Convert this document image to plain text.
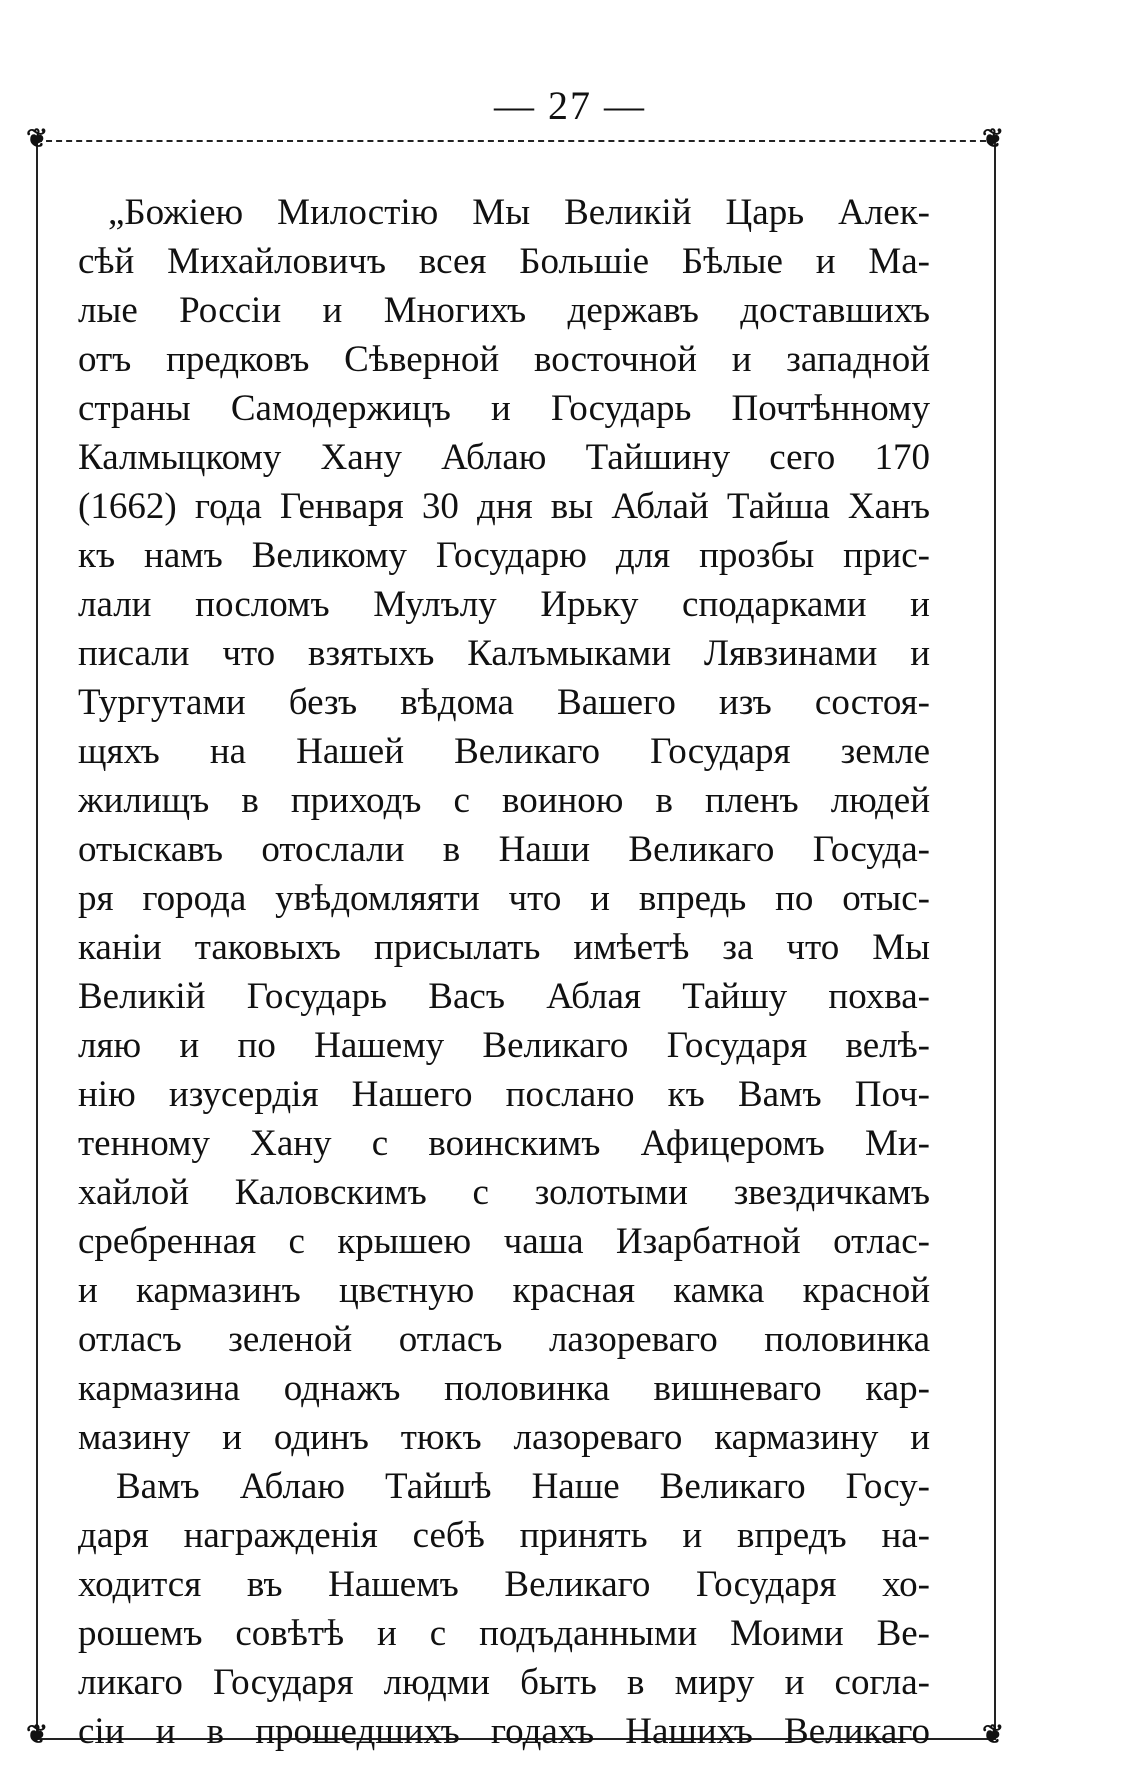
— 27 —
❦	❦
❦	❦
„Божіею Милостію Мы Великій Царь Алек-
сѣй Михайловичъ всея Большіе Бѣлые и Ма-
лые Россіи и Многихъ державъ доставшихъ
отъ предковъ Сѣверной восточной и западной
страны Самодержицъ и Государь Почтѣнному
Калмыцкому Хану Аблаю Тайшину сего 170
(1662) года Генваря 30 дня вы Аблай Тайша Ханъ
къ намъ Великому Государю для прозбы прис-
лали посломъ Мулълу Ирьку сподарками и
писали что взятыхъ Калъмыками Лявзинами и
Тургутами безъ вѣдома Вашего изъ состоя-
щяхъ на Нашей Великаго Государя земле
жилищъ в приходъ с воиною в пленъ людей
отыскавъ отослали в Наши Великаго Госуда-
ря города увѣдомляяти что и впредь по отыс-
каніи таковыхъ присылать имѣетѣ за что Мы
Великій Государь Васъ Аблая Тайшу похва-
ляю и по Нашему Великаго Государя велѣ-
нію изусердія Нашего послано къ Вамъ Поч-
тенному Хану с воинскимъ Афицеромъ Ми-
хайлой Каловскимъ с золотыми звездичкамъ
сребренная с крышею чаша Изарбатной отлас-
и кармазинъ цвєтную красная камка красной
отласъ зеленой отласъ лазореваго половинка
кармазина однажъ половинка вишневаго кар-
мазину и одинъ тюкъ лазореваго кармазину и
Вамъ Аблаю Тайшѣ Наше Великаго Госу-
даря награжденія себѣ принять и впредъ на-
ходится въ Нашемъ Великаго Государя хо-
рошемъ совѣтѣ и с подъданными Моими Ве-
ликаго Государя людми быть в миру и согла-
сіи и в прошедшихъ годахъ Нашихъ Великаго
